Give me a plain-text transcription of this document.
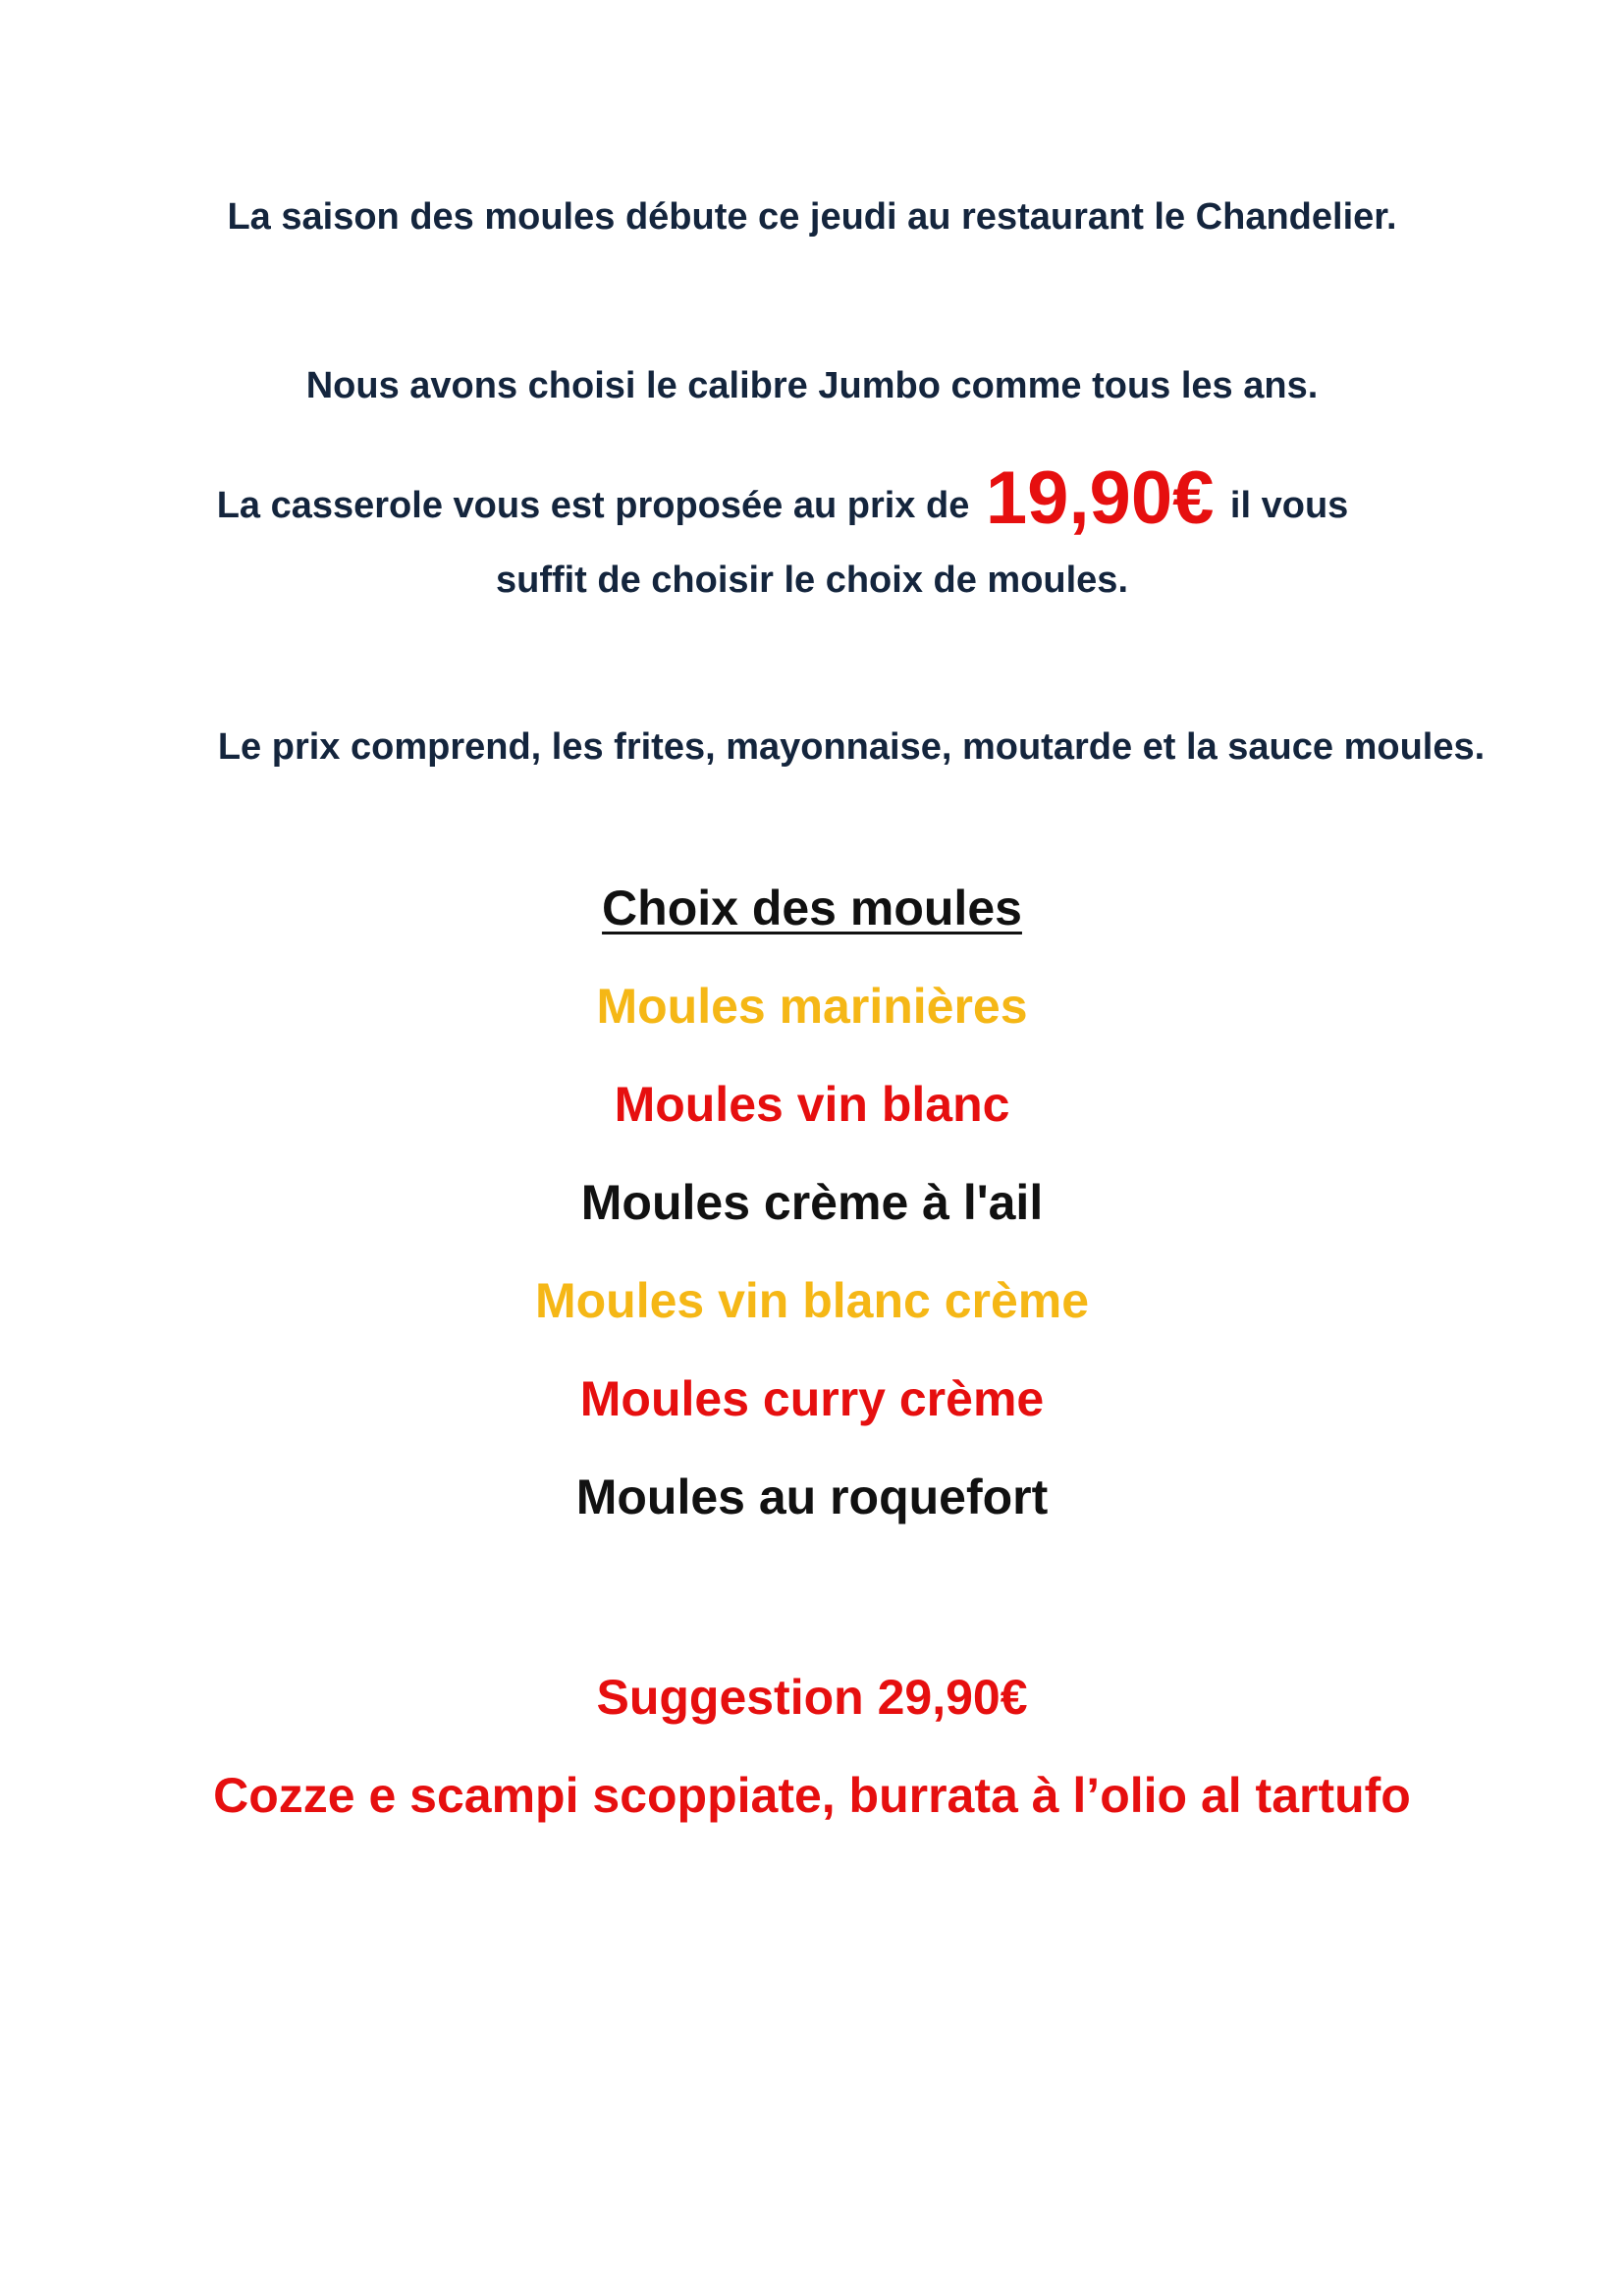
La saison des moules débute ce jeudi au restaurant le Chandelier.

Nous avons choisi le calibre Jumbo comme tous les ans.

La casserole vous est proposée au prix de 19,90€ il vous

suffit de choisir le choix de moules.

Le prix comprend, les frites, mayonnaise, moutarde et la sauce moules.

Choix des moules

Moules marinières

Moules vin blanc

Moules crème à l'ail

Moules vin blanc crème

Moules curry crème

Moules au roquefort

Suggestion 29,90€

Cozze e scampi scoppiate, burrata à l’olio al tartufo
